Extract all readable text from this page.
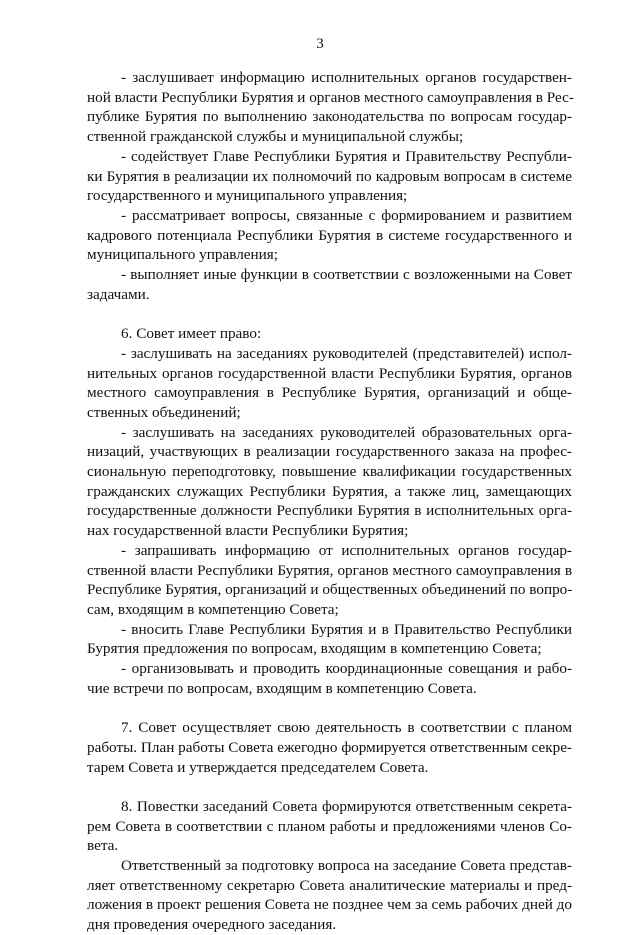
3
- заслушивает информацию исполнительных органов государствен-
ной власти Республики Бурятия и органов местного самоуправления в Рес-
публике Бурятия по выполнению законодательства по вопросам государ-
ственной гражданской службы и муниципальной службы;
- содействует Главе Республики Бурятия и Правительству Республи-
ки Бурятия в реализации их полномочий по кадровым вопросам в системе
государственного и муниципального управления;
- рассматривает вопросы, связанные с формированием и развитием
кадрового потенциала Республики Бурятия в системе государственного и
муниципального управления;
- выполняет иные функции в соответствии с возложенными на Совет
задачами.
6. Совет имеет право:
- заслушивать на заседаниях руководителей (представителей) испол-
нительных органов государственной власти Республики Бурятия, органов
местного самоуправления в Республике Бурятия, организаций и обще-
ственных объединений;
- заслушивать на заседаниях руководителей образовательных орга-
низаций, участвующих в реализации государственного заказа на профес-
сиональную переподготовку, повышение квалификации государственных
гражданских служащих Республики Бурятия, а также лиц, замещающих
государственные должности Республики Бурятия в исполнительных орга-
нах государственной власти Республики Бурятия;
- запрашивать информацию от исполнительных органов государ-
ственной власти Республики Бурятия, органов местного самоуправления в
Республике Бурятия, организаций и общественных объединений по вопро-
сам, входящим в компетенцию Совета;
- вносить Главе Республики Бурятия и в Правительство Республики
Бурятия предложения по вопросам, входящим в компетенцию Совета;
- организовывать и проводить координационные совещания и рабо-
чие встречи по вопросам, входящим в компетенцию Совета.
7. Совет осуществляет свою деятельность в соответствии с планом
работы. План работы Совета ежегодно формируется ответственным секре-
тарем Совета и утверждается председателем Совета.
8. Повестки заседаний Совета формируются ответственным секрета-
рем Совета в соответствии с планом работы и предложениями членов Со-
вета.
Ответственный за подготовку вопроса на заседание Совета представ-
ляет ответственному секретарю Совета аналитические материалы и пред-
ложения в проект решения Совета не позднее чем за семь рабочих дней до
дня проведения очередного заседания.
